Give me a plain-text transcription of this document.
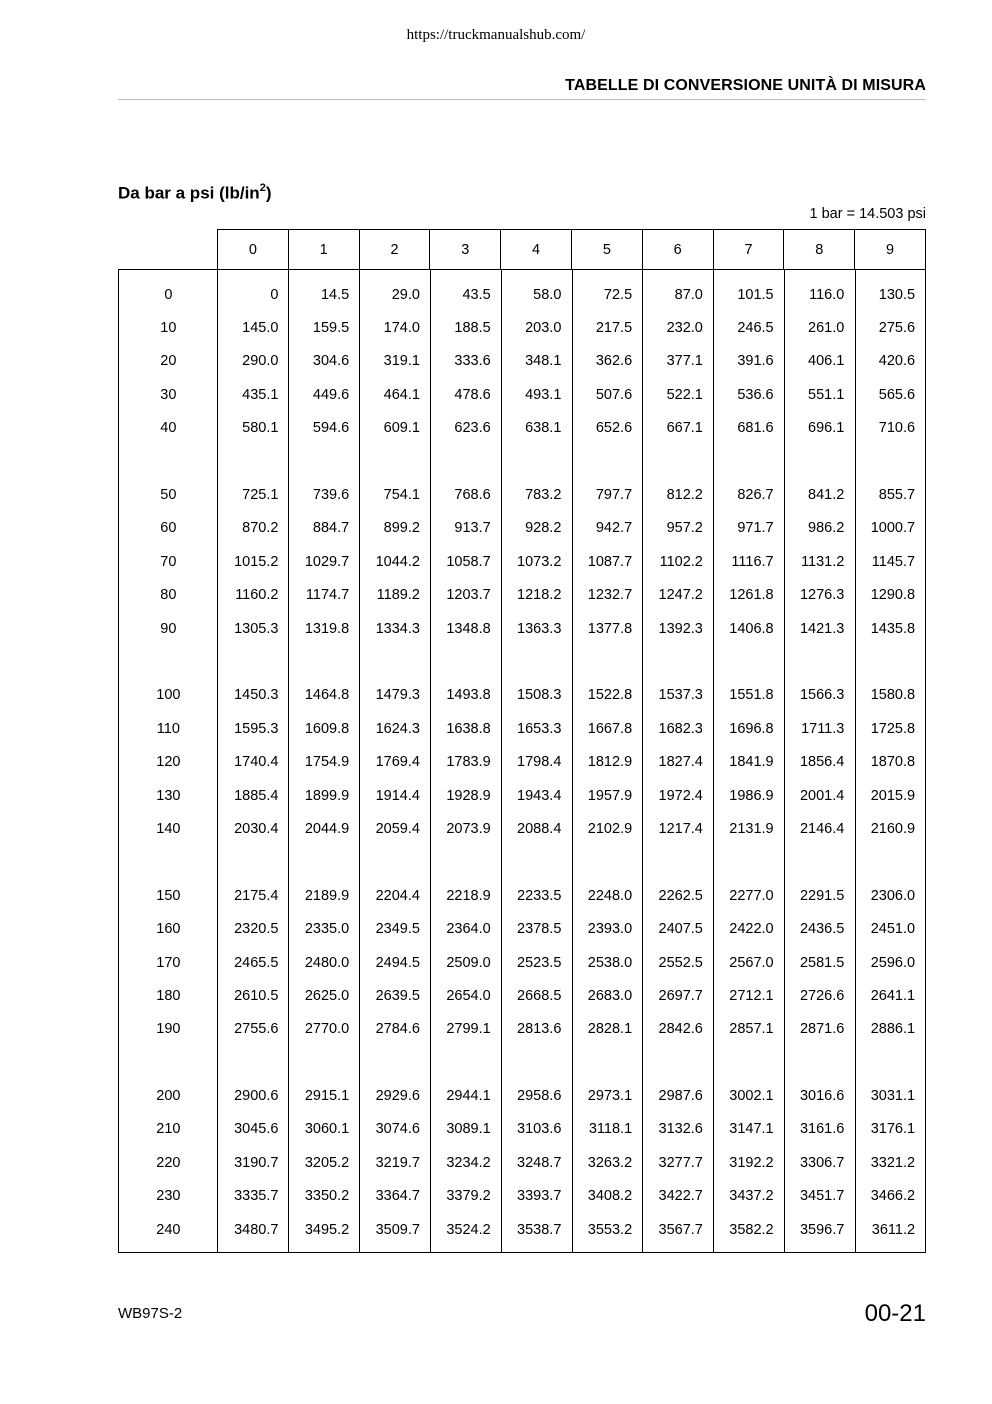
https://truckmanualshub.com/
TABELLE DI CONVERSIONE UNITÀ DI MISURA
Da bar a psi $(lb/in^2)$
1 bar = 14.503 psi
0	1	2	3	4	5	6	7	8	9
0	0	14.5	29.0	43.5	58.0	72.5	87.0	101.5	116.0	130.5
10	145.0	159.5	174.0	188.5	203.0	217.5	232.0	246.5	261.0	275.6
20	290.0	304.6	319.1	333.6	348.1	362.6	377.1	391.6	406.1	420.6
30	435.1	449.6	464.1	478.6	493.1	507.6	522.1	536.6	551.1	565.6
40	580.1	594.6	609.1	623.6	638.1	652.6	667.1	681.6	696.1	710.6
50	725.1	739.6	754.1	768.6	783.2	797.7	812.2	826.7	841.2	855.7
60	870.2	884.7	899.2	913.7	928.2	942.7	957.2	971.7	986.2	1000.7
70	1015.2	1029.7	1044.2	1058.7	1073.2	1087.7	1102.2	1116.7	1131.2	1145.7
80	1160.2	1174.7	1189.2	1203.7	1218.2	1232.7	1247.2	1261.8	1276.3	1290.8
90	1305.3	1319.8	1334.3	1348.8	1363.3	1377.8	1392.3	1406.8	1421.3	1435.8
100	1450.3	1464.8	1479.3	1493.8	1508.3	1522.8	1537.3	1551.8	1566.3	1580.8
110	1595.3	1609.8	1624.3	1638.8	1653.3	1667.8	1682.3	1696.8	1711.3	1725.8
120	1740.4	1754.9	1769.4	1783.9	1798.4	1812.9	1827.4	1841.9	1856.4	1870.8
130	1885.4	1899.9	1914.4	1928.9	1943.4	1957.9	1972.4	1986.9	2001.4	2015.9
140	2030.4	2044.9	2059.4	2073.9	2088.4	2102.9	1217.4	2131.9	2146.4	2160.9
150	2175.4	2189.9	2204.4	2218.9	2233.5	2248.0	2262.5	2277.0	2291.5	2306.0
160	2320.5	2335.0	2349.5	2364.0	2378.5	2393.0	2407.5	2422.0	2436.5	2451.0
170	2465.5	2480.0	2494.5	2509.0	2523.5	2538.0	2552.5	2567.0	2581.5	2596.0
180	2610.5	2625.0	2639.5	2654.0	2668.5	2683.0	2697.7	2712.1	2726.6	2641.1
190	2755.6	2770.0	2784.6	2799.1	2813.6	2828.1	2842.6	2857.1	2871.6	2886.1
200	2900.6	2915.1	2929.6	2944.1	2958.6	2973.1	2987.6	3002.1	3016.6	3031.1
210	3045.6	3060.1	3074.6	3089.1	3103.6	3118.1	3132.6	3147.1	3161.6	3176.1
220	3190.7	3205.2	3219.7	3234.2	3248.7	3263.2	3277.7	3192.2	3306.7	3321.2
230	3335.7	3350.2	3364.7	3379.2	3393.7	3408.2	3422.7	3437.2	3451.7	3466.2
240	3480.7	3495.2	3509.7	3524.2	3538.7	3553.2	3567.7	3582.2	3596.7	3611.2
WB97S-2	00-21
